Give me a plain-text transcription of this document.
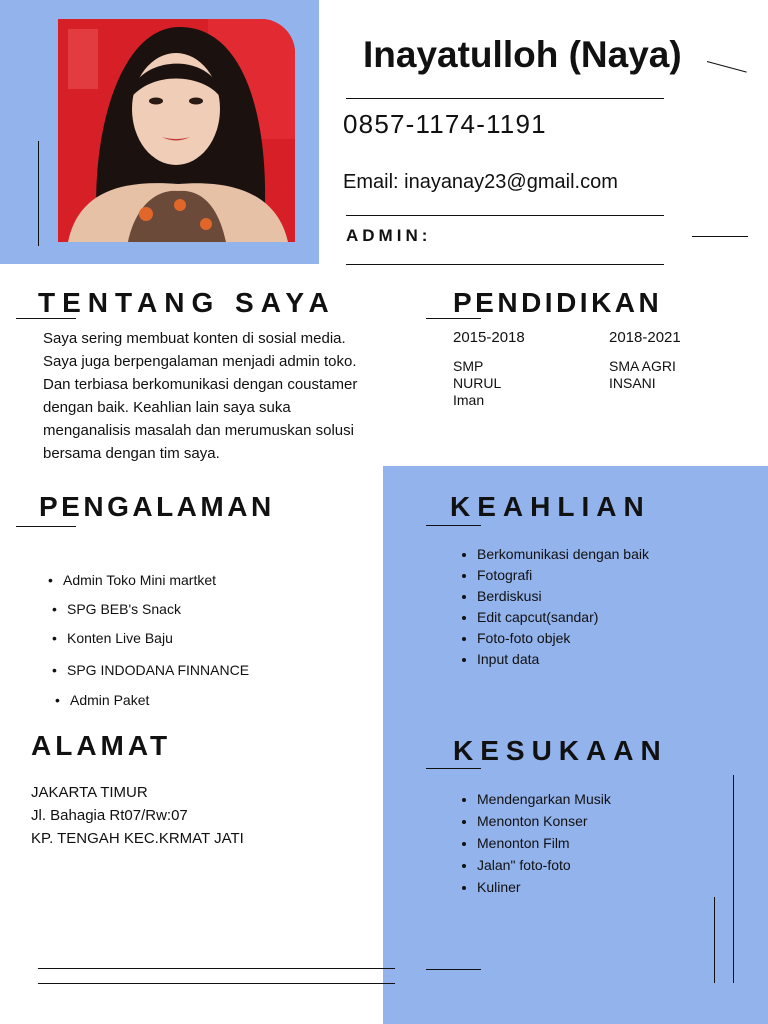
Inayatulloh (Naya)
0857-1174-1191
Email: inayanay23@gmail.com
ADMIN:
TENTANG SAYA
Saya sering membuat konten di sosial media. Saya juga berpengalaman menjadi admin toko. Dan terbiasa berkomunikasi dengan coustamer dengan baik. Keahlian lain saya suka menganalisis masalah dan merumuskan solusi bersama dengan tim saya.
PENDIDIKAN
2015-2018	2018-2021
SMP
NURUL
Iman
SMA AGRI
INSANI
PENGALAMAN
• Admin Toko Mini martket
• SPG BEB's Snack
• Konten Live Baju
• SPG INDODANA FINNANCE
• Admin Paket
ALAMAT
JAKARTA TIMUR
Jl. Bahagia Rt07/Rw:07
KP. TENGAH KEC.KRMAT JATI
KEAHLIAN
• Berkomunikasi dengan baik
• Fotografi
• Berdiskusi
• Edit capcut(sandar)
• Foto-foto objek
• Input data
KESUKAAN
• Mendengarkan Musik
• Menonton Konser
• Menonton Film
• Jalan" foto-foto
• Kuliner
